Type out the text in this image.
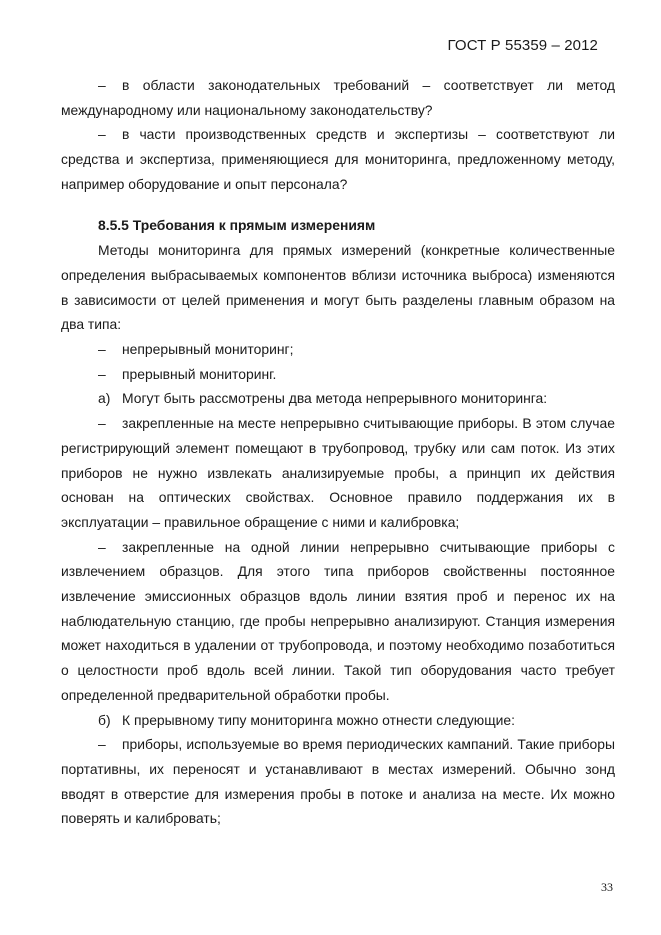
ГОСТ Р 55359 – 2012

– в области законодательных требований – соответствует ли метод международному или национальному законодательству?

– в части производственных средств и экспертизы – соответствуют ли средства и экспертиза, применяющиеся для мониторинга, предложенному методу, например оборудование и опыт персонала?

8.5.5 Требования к прямым измерениям

Методы мониторинга для прямых измерений (конкретные количественные определения выбрасываемых компонентов вблизи источника выброса) изменяются в зависимости от целей применения и могут быть разделены главным образом на два типа:

– непрерывный мониторинг;

– прерывный мониторинг.

а) Могут быть рассмотрены два метода непрерывного мониторинга:

– закрепленные на месте непрерывно считывающие приборы. В этом случае регистрирующий элемент помещают в трубопровод, трубку или сам поток. Из этих приборов не нужно извлекать анализируемые пробы, а принцип их действия основан на оптических свойствах. Основное правило поддержания их в эксплуатации – правильное обращение с ними и калибровка;

– закрепленные на одной линии непрерывно считывающие приборы с извлечением образцов. Для этого типа приборов свойственны постоянное извлечение эмиссионных образцов вдоль линии взятия проб и перенос их на наблюдательную станцию, где пробы непрерывно анализируют. Станция измерения может находиться в удалении от трубопровода, и поэтому необходимо позаботиться о целостности проб вдоль всей линии. Такой тип оборудования часто требует определенной предварительной обработки пробы.

б) К прерывному типу мониторинга можно отнести следующие:

– приборы, используемые во время периодических кампаний. Такие приборы портативны, их переносят и устанавливают в местах измерений. Обычно зонд вводят в отверстие для измерения пробы в потоке и анализа на месте. Их можно поверять и калибровать;

33
